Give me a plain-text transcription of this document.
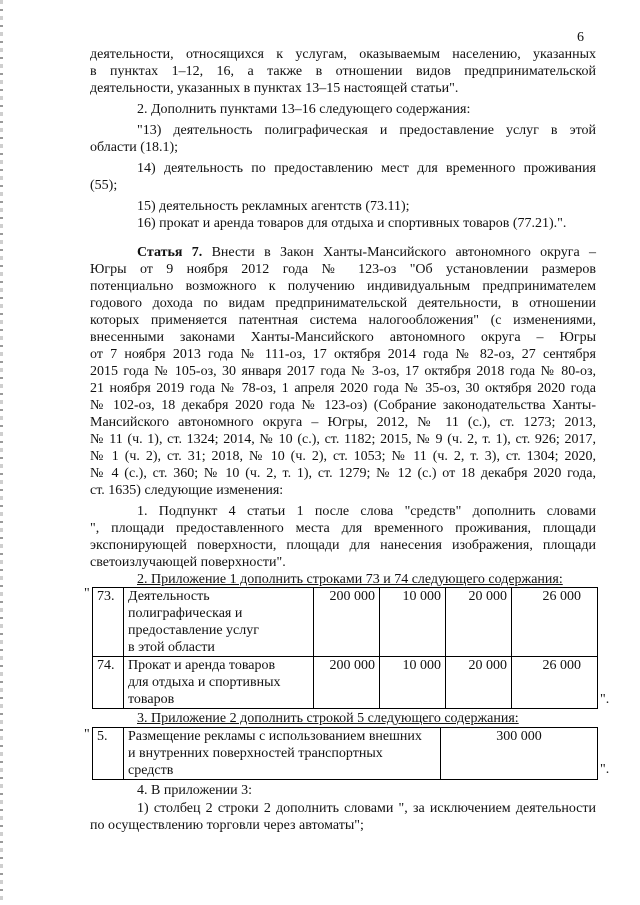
6
деятельности, относящихся к услугам, оказываемым населению, указанных
в пунктах 1–12, 16, а также в отношении видов предпринимательской
деятельности, указанных в пунктах 13–15 настоящей статьи".
2. Дополнить пунктами 13–16 следующего содержания:
"13) деятельность полиграфическая и предоставление услуг в этой
области (18.1);
14) деятельность по предоставлению мест для временного проживания
(55);
15) деятельность рекламных агентств (73.11);
16) прокат и аренда товаров для отдыха и спортивных товаров (77.21).".
Статья 7. Внести в Закон Ханты-Мансийского автономного округа –
Югры от 9 ноября 2012 года № 123-оз "Об установлении размеров
потенциально возможного к получению индивидуальным предпринимателем
годового дохода по видам предпринимательской деятельности, в отношении
которых применяется патентная система налогообложения" (с изменениями,
внесенными законами Ханты-Мансийского автономного округа – Югры
от 7 ноября 2013 года № 111-оз, 17 октября 2014 года № 82-оз, 27 сентября
2015 года № 105-оз, 30 января 2017 года № 3-оз, 17 октября 2018 года № 80-оз,
21 ноября 2019 года № 78-оз, 1 апреля 2020 года № 35-оз, 30 октября 2020 года
№ 102-оз, 18 декабря 2020 года № 123-оз) (Собрание законодательства Ханты-
Мансийского автономного округа – Югры, 2012, № 11 (с.), ст. 1273; 2013,
№ 11 (ч. 1), ст. 1324; 2014, № 10 (с.), ст. 1182; 2015, № 9 (ч. 2, т. 1), ст. 926; 2017,
№ 1 (ч. 2), ст. 31; 2018, № 10 (ч. 2), ст. 1053; № 11 (ч. 2, т. 3), ст. 1304; 2020,
№ 4 (с.), ст. 360; № 10 (ч. 2, т. 1), ст. 1279; № 12 (с.) от 18 декабря 2020 года,
ст. 1635) следующие изменения:
1. Подпункт 4 статьи 1 после слова "средств" дополнить словами
", площади предоставленного места для временного проживания, площади
экспонирующей поверхности, площади для нанесения изображения, площади
светоизлучающей поверхности".
2. Приложение 1 дополнить строками 73 и 74 следующего содержания:
" 73.	Деятельность
полиграфическая и
предоставление услуг
в этой области	200 000	10 000	20 000	26 000
74.	Прокат и аренда товаров
для отдыха и спортивных
товаров	200 000	10 000	20 000	26 000
".
3. Приложение 2 дополнить строкой 5 следующего содержания:
" 5.	Размещение рекламы с использованием внешних
и внутренних поверхностей транспортных
средств
	300 000
".
4. В приложении 3:
1) столбец 2 строки 2 дополнить словами ", за исключением деятельности
по осуществлению торговли через автоматы";
